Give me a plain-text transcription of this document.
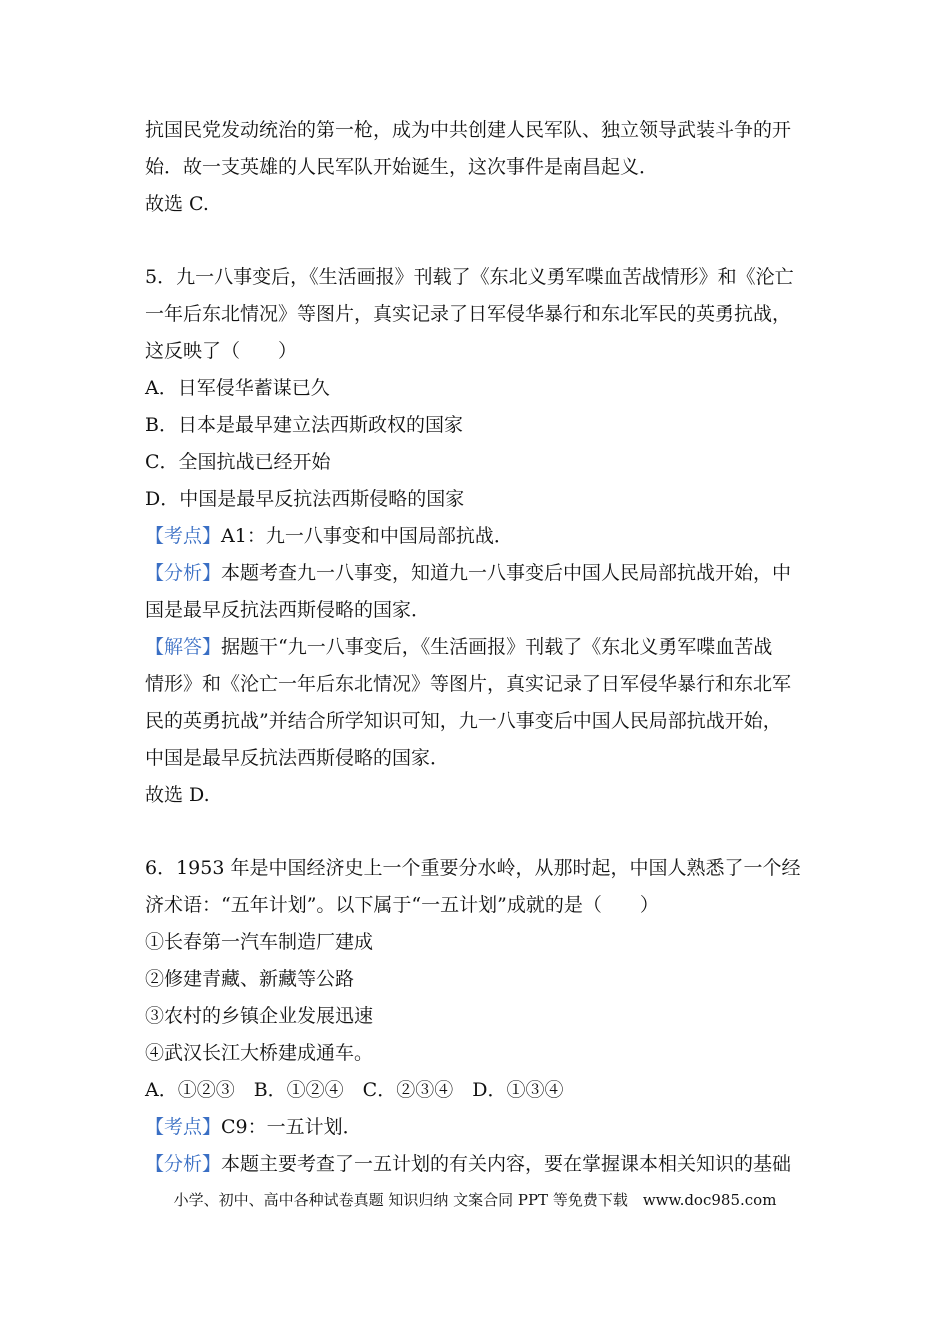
抗国民党发动统治的第一枪，成为中共创建人民军队、独立领导武装斗争的开
始．故一支英雄的人民军队开始诞生，这次事件是南昌起义．
故选 C.
5．九一八事变后，《生活画报》刊载了《东北义勇军喋血苦战情形》和《沦亡
一年后东北情况》等图片，真实记录了日军侵华暴行和东北军民的英勇抗战，
这反映了（　　）
A．日军侵华蓄谋已久
B．日本是最早建立法西斯政权的国家
C．全国抗战已经开始
D．中国是最早反抗法西斯侵略的国家
【考点】A1：九一八事变和中国局部抗战．
【分析】本题考查九一八事变，知道九一八事变后中国人民局部抗战开始，中
国是最早反抗法西斯侵略的国家．
【解答】据题干“九一八事变后，《生活画报》刊载了《东北义勇军喋血苦战
情形》和《沦亡一年后东北情况》等图片，真实记录了日军侵华暴行和东北军
民的英勇抗战”并结合所学知识可知，九一八事变后中国人民局部抗战开始，
中国是最早反抗法西斯侵略的国家．
故选 D.
6．1953 年是中国经济史上一个重要分水岭，从那时起，中国人熟悉了一个经
济术语：“五年计划”。以下属于“一五计划”成就的是（　　）
①长春第一汽车制造厂建成
②修建青藏、新藏等公路
③农村的乡镇企业发展迅速
④武汉长江大桥建成通车。
A．①②③　B．①②④　C．②③④　D．①③④
【考点】C9：一五计划．
【分析】本题主要考查了一五计划的有关内容，要在掌握课本相关知识的基础
小学、初中、高中各种试卷真题 知识归纳 文案合同 PPT 等免费下载　www.doc985.com
